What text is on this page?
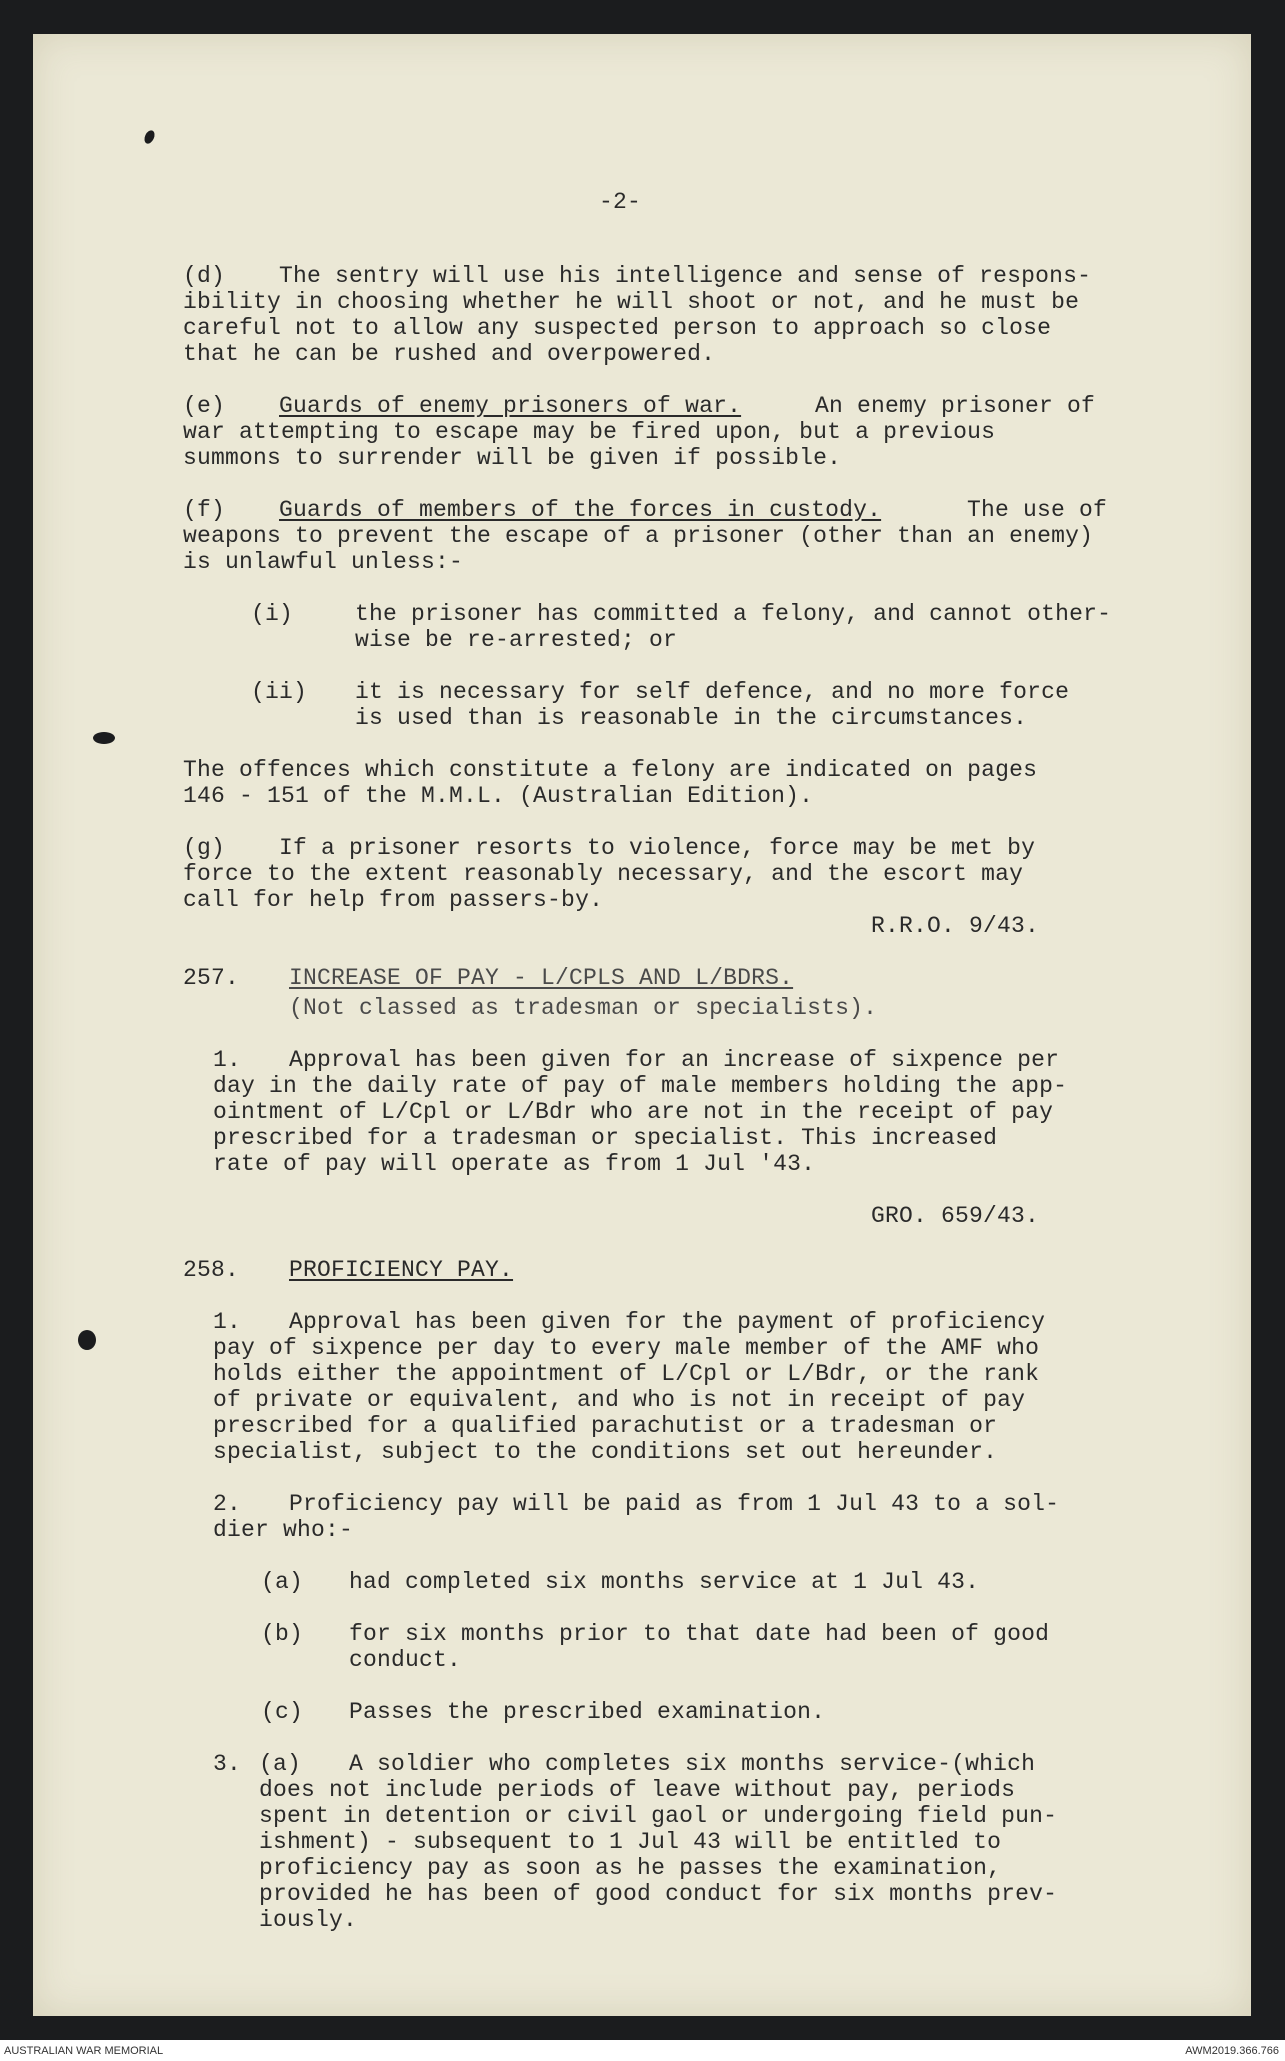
-2-
(d) The sentry will use his intelligence and sense of respons-
ibility in choosing whether he will shoot or not, and he must be
careful not to allow any suspected person to approach so close
that he can be rushed and overpowered.
(e) Guards of enemy prisoners of war.	An enemy prisoner of
war attempting to escape may be fired upon, but a previous
summons to surrender will be given if possible.
(f) Guards of members of the forces in custody.	The use of
weapons to prevent the escape of a prisoner (other than an enemy)
is unlawful unless:-
(i)	the prisoner has committed a felony, and cannot other-
wise be re-arrested; or
(ii) it is necessary for self defence, and no more force
is used than is reasonable in the circumstances.
The offences which constitute a felony are indicated on pages
146 - 151 of the M.M.L. (Australian Edition).
(g) If a prisoner resorts to violence, force may be met by
force to the extent reasonably necessary, and the escort may
call for help from passers-by.
R.R.O. 9/43.
257. INCREASE OF PAY - L/CPLS AND L/BDRS.
(Not classed as tradesman or specialists).
1. Approval has been given for an increase of sixpence per
day in the daily rate of pay of male members holding the app-
ointment of L/Cpl or L/Bdr who are not in the receipt of pay
prescribed for a tradesman or specialist. This increased
rate of pay will operate as from 1 Jul '43.
GRO. 659/43.
258. PROFICIENCY PAY.
1. Approval has been given for the payment of proficiency
pay of sixpence per day to every male member of the AMF who
holds either the appointment of L/Cpl or L/Bdr, or the rank
of private or equivalent, and who is not in receipt of pay
prescribed for a qualified parachutist or a tradesman or
specialist, subject to the conditions set out hereunder.
2. Proficiency pay will be paid as from 1 Jul 43 to a sol-
dier who:-
(a) had completed six months service at 1 Jul 43.
(b) for six months prior to that date had been of good
conduct.
(c) Passes the prescribed examination.
3. (a) A soldier who completes six months service-(which
does not include periods of leave without pay, periods
spent in detention or civil gaol or undergoing field pun-
ishment) - subsequent to 1 Jul 43 will be entitled to
proficiency pay as soon as he passes the examination,
provided he has been of good conduct for six months prev-
iously.
AUSTRALIAN WAR MEMORIAL	AWM2019.366.766
